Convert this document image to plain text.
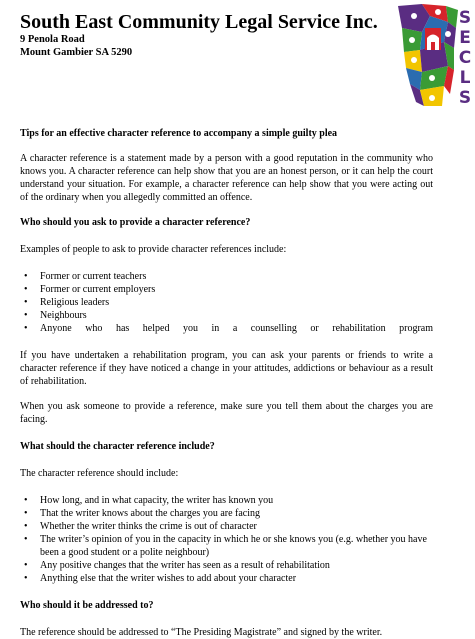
South East Community Legal Service Inc.

9 Penola Road

Mount Gambier SA 5290

S
E
C
L
S

Tips for an effective character reference to accompany a simple guilty plea

A character reference is a statement made by a person with a good reputation in the community who knows you. A character reference can help show that you are an honest person, or it can help the court understand your situation. For example, a character reference can help show that you were acting out of the ordinary when you allegedly committed an offence.

Who should you ask to provide a character reference?

Examples of people to ask to provide character references include:

• Former or current teachers
• Former or current employers
• Religious leaders
• Neighbours
• Anyone who has helped you in a counselling or rehabilitation program

If you have undertaken a rehabilitation program, you can ask your parents or friends to write a character reference if they have noticed a change in your attitudes, addictions or behaviour as a result of rehabilitation.

When you ask someone to provide a reference, make sure you tell them about the charges you are facing.

What should the character reference include?

The character reference should include:

• How long, and in what capacity, the writer has known you
• That the writer knows about the charges you are facing
• Whether the writer thinks the crime is out of character
• The writer’s opinion of you in the capacity in which he or she knows you (e.g. whether you have been a good student or a polite neighbour)
• Any positive changes that the writer has seen as a result of rehabilitation
• Anything else that the writer wishes to add about your character

Who should it be addressed to?

The reference should be addressed to “The Presiding Magistrate” and signed by the writer.
